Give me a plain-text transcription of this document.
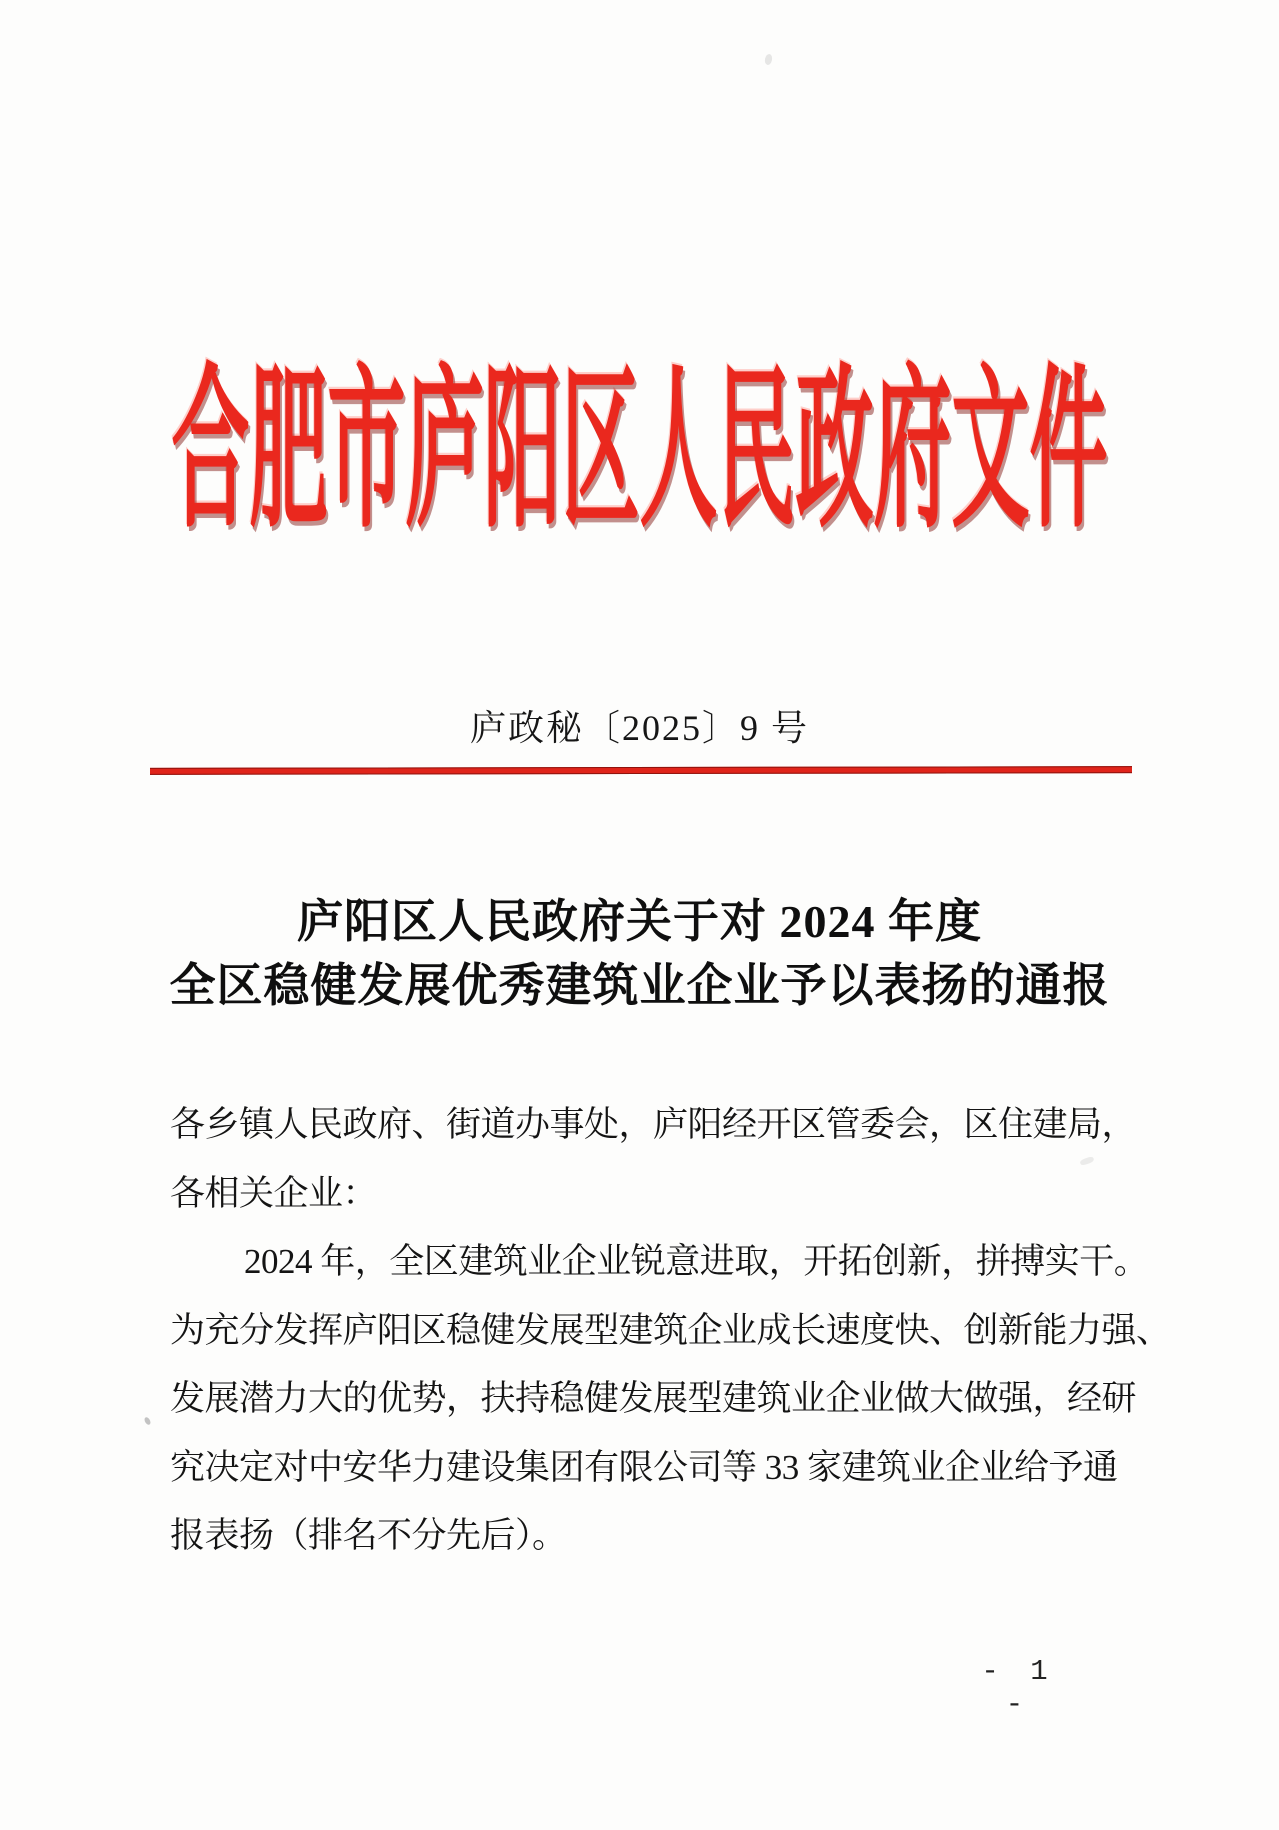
合肥市庐阳区人民政府文件
庐政秘〔2025〕9 号
庐阳区人民政府关于对 2024 年度
全区稳健发展优秀建筑业企业予以表扬的通报

各乡镇人民政府、街道办事处，庐阳经开区管委会，区住建局，

各相关企业：

2024 年，全区建筑业企业锐意进取，开拓创新，拼搏实干。

为充分发挥庐阳区稳健发展型建筑企业成长速度快、创新能力强、

发展潜力大的优势，扶持稳健发展型建筑业企业做大做强，经研

究决定对中安华力建设集团有限公司等 33 家建筑业企业给予通

报表扬（排名不分先后）。

- 1 -
